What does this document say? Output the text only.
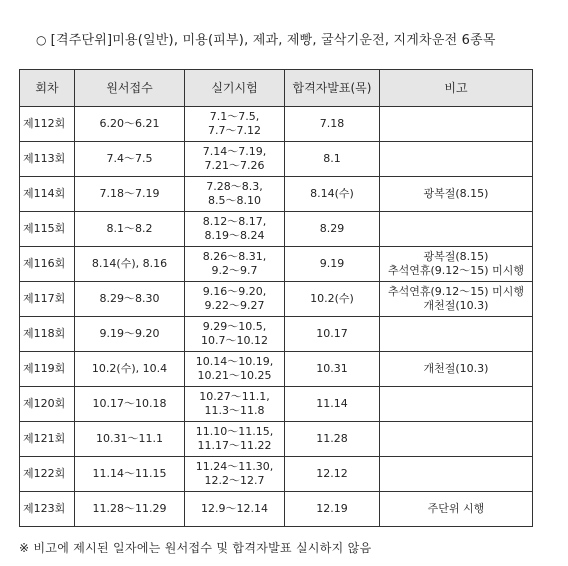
○ [격주단위]미용(일반), 미용(피부), 제과, 제빵, 굴삭기운전, 지게차운전 6종목
회차	원서접수	실기시험	합격자발표(목)	비고
제112회	6.20～6.21	7.1～7.5,
7.7～7.12	7.18	
제113회	7.4～7.5	7.14～7.19,
7.21～7.26	8.1	
제114회	7.18～7.19	7.28～8.3,
8.5～8.10	8.14(수)	광복절(8.15)

제115회	8.1～8.2	8.12～8.17,
8.19～8.24	8.29	
제116회	8.14(수), 8.16	8.26～8.31,
9.2～9.7	9.19	광복절(8.15)
추석연휴(9.12～15) 미시행

제117회	8.29～8.30	9.16～9.20,
9.22～9.27	10.2(수)	추석연휴(9.12～15) 미시행
개천절(10.3)

제118회	9.19～9.20	9.29～10.5,
10.7～10.12	10.17	
제119회	10.2(수), 10.4	10.14～10.19,
10.21～10.25	10.31	개천절(10.3)

제120회	10.17～10.18	10.27～11.1,
11.3～11.8	11.14	
제121회	10.31～11.1	11.10～11.15,
11.17～11.22	11.28	
제122회	11.14～11.15	11.24～11.30,
12.2～12.7	12.12	
제123회	11.28～11.29	12.9～12.14	12.19	주단위 시행
※ 비고에 제시된 일자에는 원서접수 및 합격자발표 실시하지 않음
